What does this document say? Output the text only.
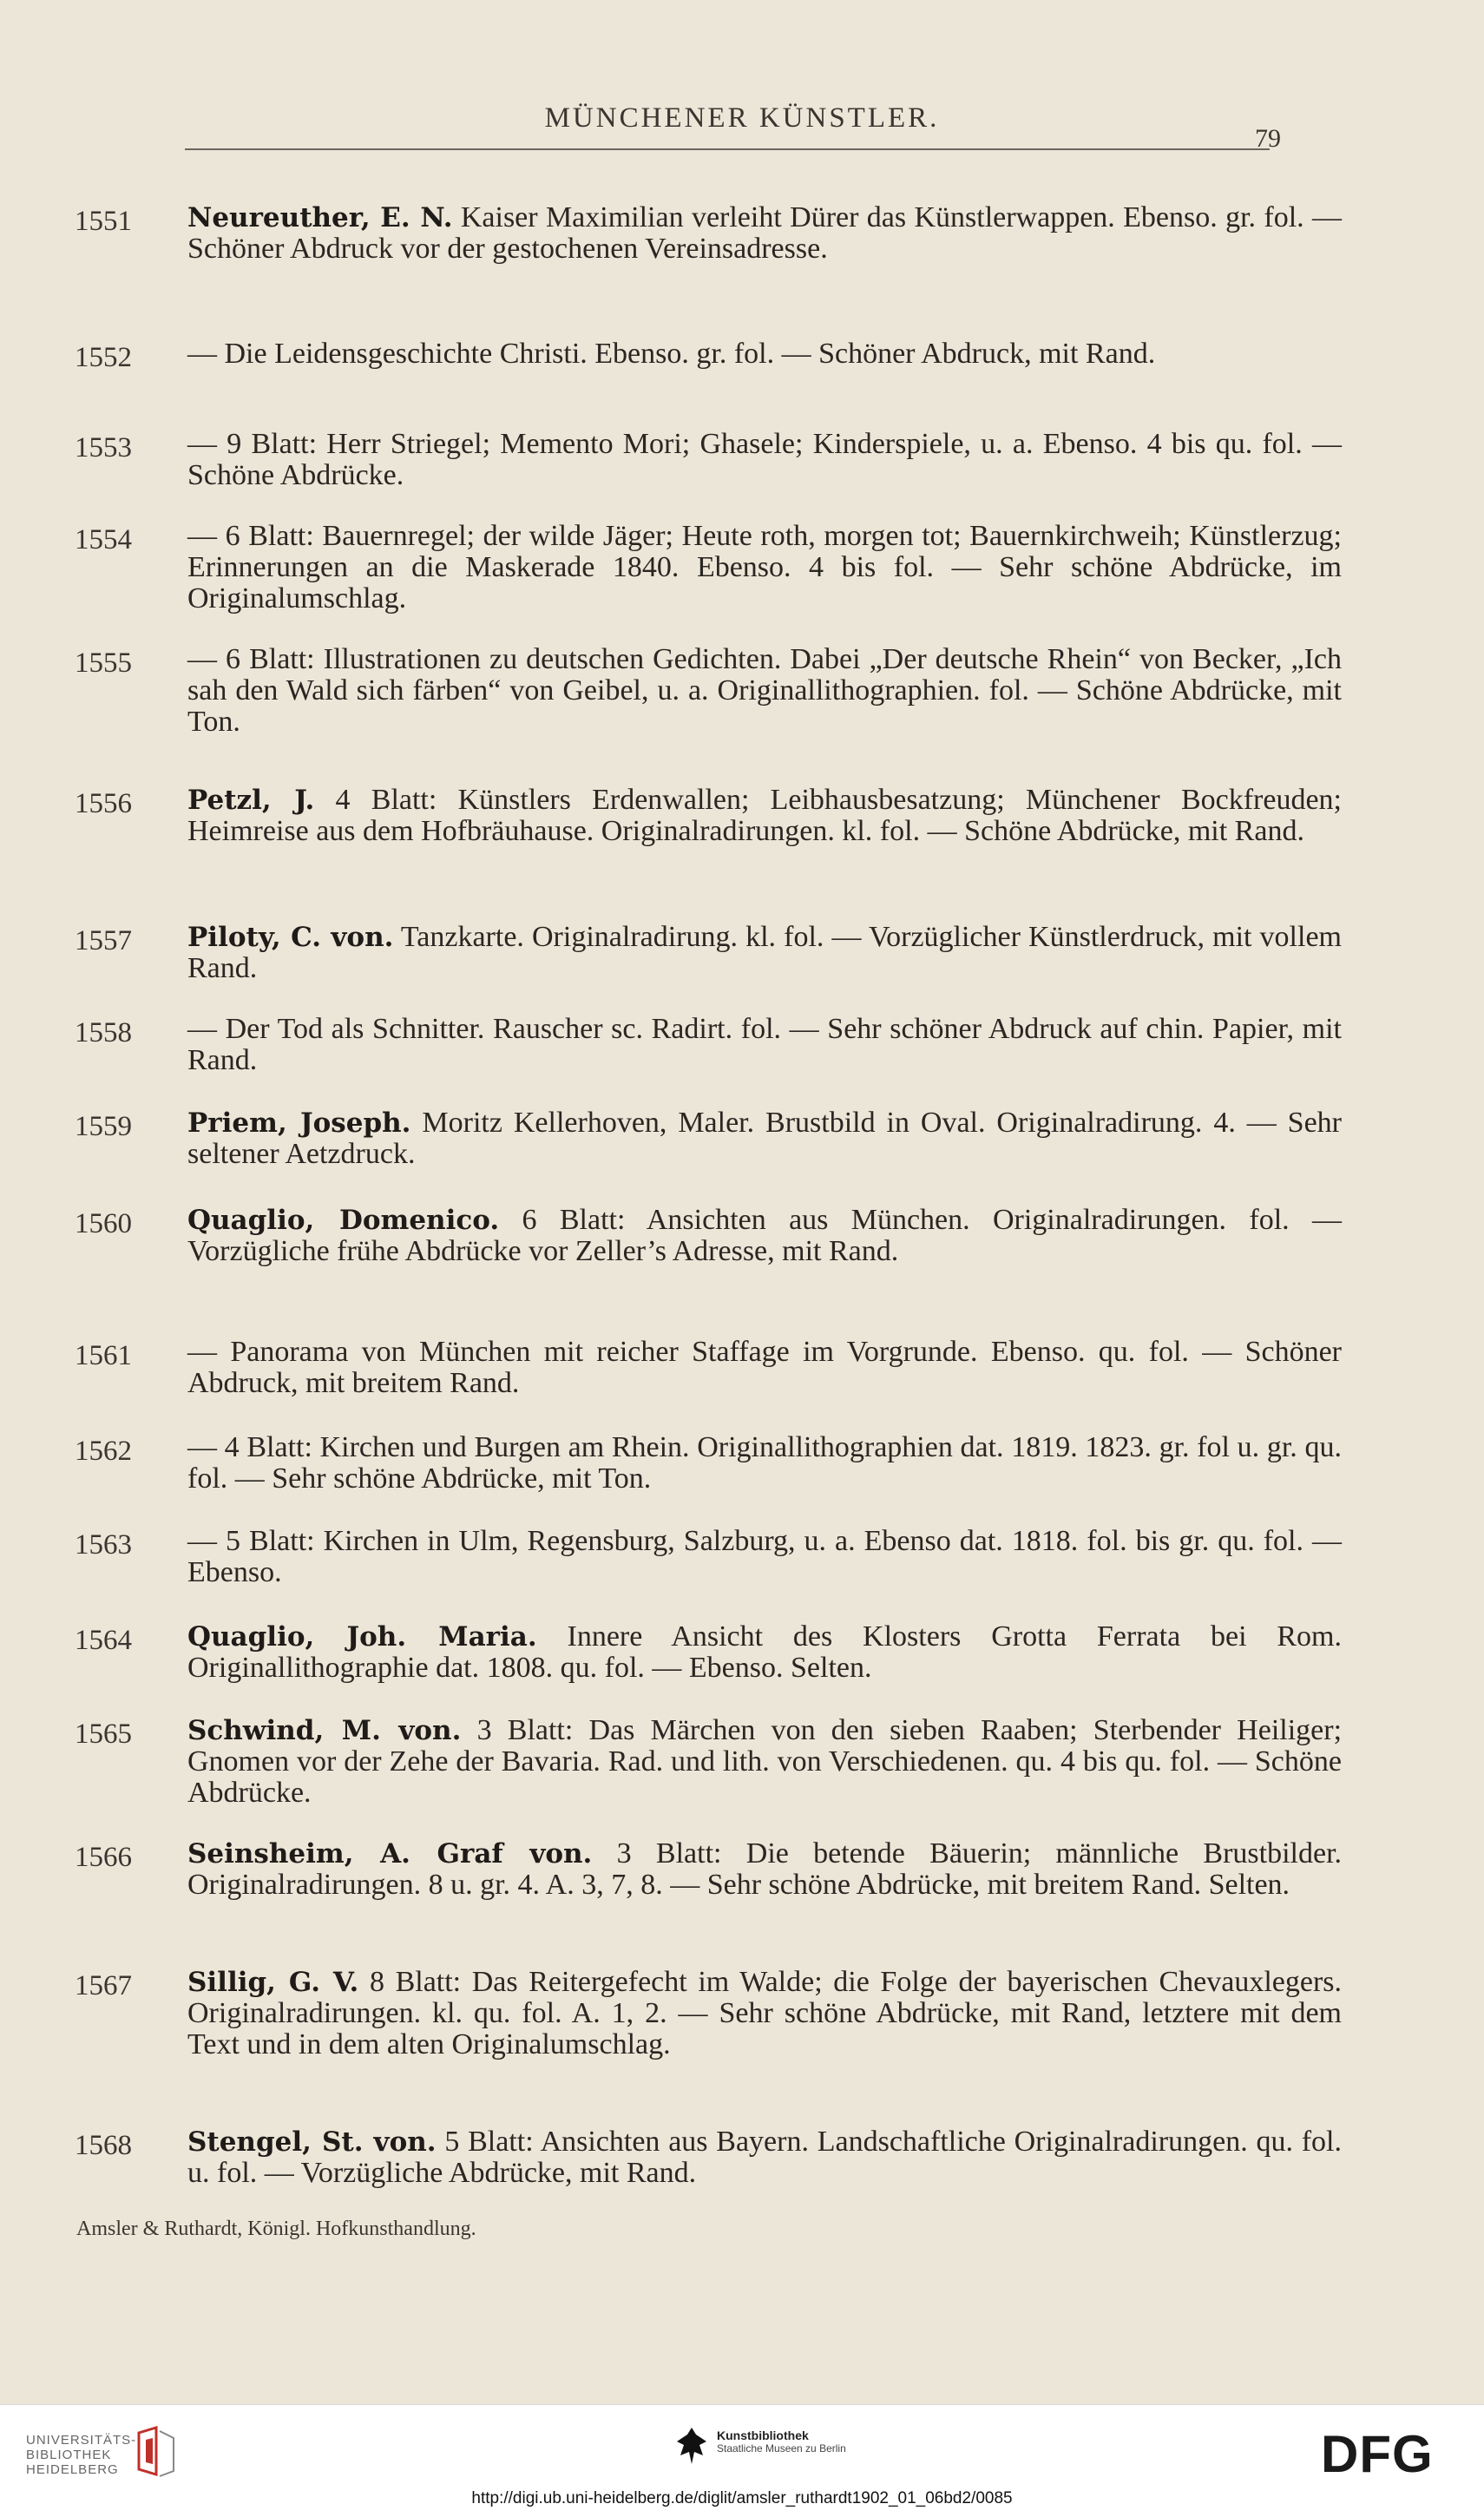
MÜNCHENER KÜNSTLER.
79
1551	Neureuther, E. N. Kaiser Maximilian verleiht Dürer das Künstlerwappen. Ebenso. gr. fol. — Schöner Abdruck vor der gestochenen Vereinsadresse.
1552	— Die Leidensgeschichte Christi. Ebenso. gr. fol. — Schöner Abdruck, mit Rand.
1553	— 9 Blatt: Herr Striegel; Memento Mori; Ghasele; Kinderspiele, u. a. Ebenso. 4 bis qu. fol. — Schöne Abdrücke.
1554	— 6 Blatt: Bauernregel; der wilde Jäger; Heute roth, morgen tot; Bauernkirchweih; Künstlerzug; Erinnerungen an die Maskerade 1840. Ebenso. 4 bis fol. — Sehr schöne Abdrücke, im Originalumschlag.
1555	— 6 Blatt: Illustrationen zu deutschen Gedichten. Dabei „Der deutsche Rhein“ von Becker, „Ich sah den Wald sich färben“ von Geibel, u. a. Originallithographien. fol. — Schöne Abdrücke, mit Ton.
1556	Petzl, J. 4 Blatt: Künstlers Erdenwallen; Leibhausbesatzung; Münchener Bockfreuden; Heimreise aus dem Hofbräuhause. Originalradirungen. kl. fol. — Schöne Abdrücke, mit Rand.
1557	Piloty, C. von. Tanzkarte. Originalradirung. kl. fol. — Vorzüglicher Künstlerdruck, mit vollem Rand.
1558	— Der Tod als Schnitter. Rauscher sc. Radirt. fol. — Sehr schöner Abdruck auf chin. Papier, mit Rand.
1559	Priem, Joseph. Moritz Kellerhoven, Maler. Brustbild in Oval. Originalradirung. 4. — Sehr seltener Aetzdruck.
1560	Quaglio, Domenico. 6 Blatt: Ansichten aus München. Originalradirungen. fol. — Vorzügliche frühe Abdrücke vor Zeller’s Adresse, mit Rand.
1561	— Panorama von München mit reicher Staffage im Vorgrunde. Ebenso. qu. fol. — Schöner Abdruck, mit breitem Rand.
1562	— 4 Blatt: Kirchen und Burgen am Rhein. Originallithographien dat. 1819. 1823. gr. fol u. gr. qu. fol. — Sehr schöne Abdrücke, mit Ton.
1563	— 5 Blatt: Kirchen in Ulm, Regensburg, Salzburg, u. a. Ebenso dat. 1818. fol. bis gr. qu. fol. — Ebenso.
1564	Quaglio, Joh. Maria. Innere Ansicht des Klosters Grotta Ferrata bei Rom. Originallithographie dat. 1808. qu. fol. — Ebenso. Selten.
1565	Schwind, M. von. 3 Blatt: Das Märchen von den sieben Raaben; Sterbender Heiliger; Gnomen vor der Zehe der Bavaria. Rad. und lith. von Verschiedenen. qu. 4 bis qu. fol. — Schöne Abdrücke.
1566	Seinsheim, A. Graf von. 3 Blatt: Die betende Bäuerin; männliche Brustbilder. Originalradirungen. 8 u. gr. 4. A. 3, 7, 8. — Sehr schöne Abdrücke, mit breitem Rand. Selten.
1567	Sillig, G. V. 8 Blatt: Das Reitergefecht im Walde; die Folge der bayerischen Chevauxlegers. Originalradirungen. kl. qu. fol. A. 1, 2. — Sehr schöne Abdrücke, mit Rand, letztere mit dem Text und in dem alten Originalumschlag.
1568	Stengel, St. von. 5 Blatt: Ansichten aus Bayern. Landschaftliche Originalradirungen. qu. fol. u. fol. — Vorzügliche Abdrücke, mit Rand.
Amsler & Ruthardt, Königl. Hofkunsthandlung.
UNIVERSITÄTS-
BIBLIOTHEK
HEIDELBERG
Kunstbibliothek
Staatliche Museen zu Berlin	DFG
http://digi.ub.uni-heidelberg.de/diglit/amsler_ruthardt1902_01_06bd2/0085
